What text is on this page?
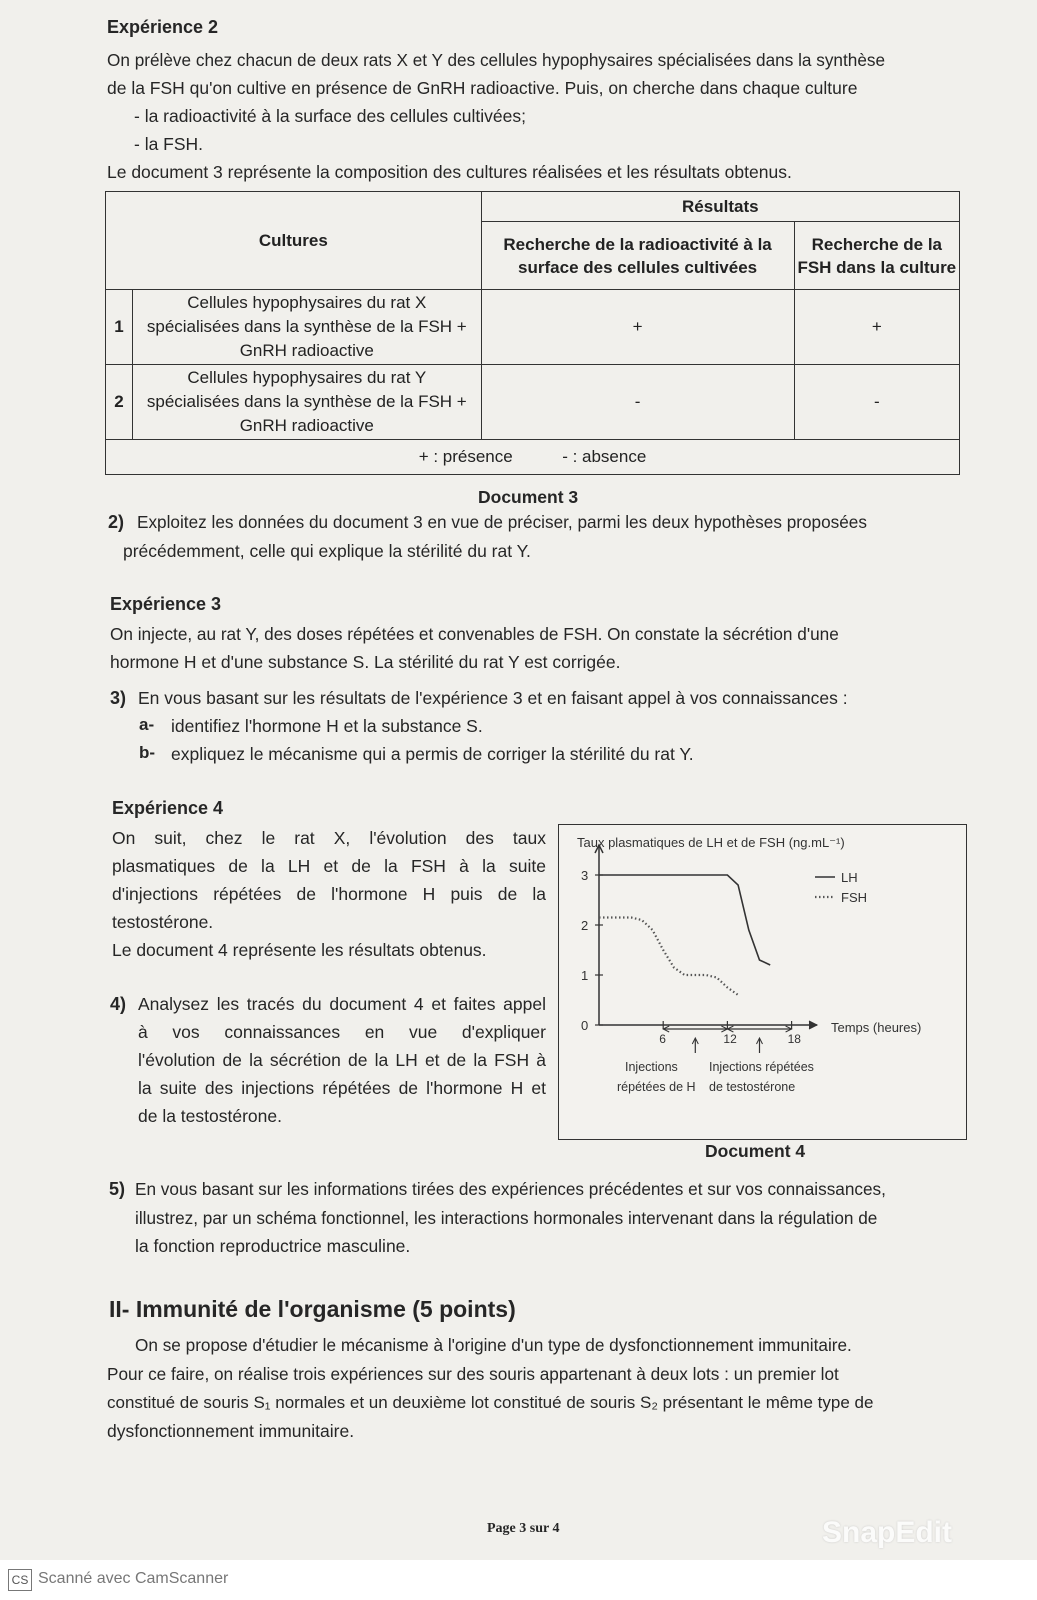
Expérience 2
On prélève chez chacun de deux rats X et Y des cellules hypophysaires spécialisées dans la synthèse
de la FSH qu'on cultive en présence de GnRH radioactive. Puis, on cherche dans chaque culture
- la radioactivité à la surface des cellules cultivées;
- la FSH.
Le document 3 représente la composition des cultures réalisées et les résultats obtenus.
Cultures		Résultats	
		Recherche de la radioactivité à la surface des cellules cultivées	Recherche de la FSH dans la culture
1	Cellules hypophysaires du rat X spécialisées dans la synthèse de la FSH + GnRH radioactive	+	+
2	Cellules hypophysaires du rat Y spécialisées dans la synthèse de la FSH + GnRH radioactive	-	-
+ : présence - : absence			
Document 3
2) Exploitez les données du document 3 en vue de préciser, parmi les deux hypothèses proposées
précédemment, celle qui explique la stérilité du rat Y.
Expérience 3
On injecte, au rat Y, des doses répétées et convenables de FSH. On constate la sécrétion d'une
hormone H et d'une substance S. La stérilité du rat Y est corrigée.
3) En vous basant sur les résultats de l'expérience 3 et en faisant appel à vos connaissances :
a- identifiez l'hormone H et la substance S.
b- expliquez le mécanisme qui a permis de corriger la stérilité du rat Y.
Expérience 4
On suit, chez le rat X, l'évolution des taux
plasmatiques de la LH et de la FSH à la suite
d'injections répétées de l'hormone H puis de la
testostérone.
Le document 4 représente les résultats obtenus.
4) Analysez les tracés du document 4 et faites appel
à vos connaissances en vue d'expliquer
l'évolution de la sécrétion de la LH et de la FSH à
la suite des injections répétées de l'hormone H et
de la testostérone.
Taux plasmatiques de LH et de FSH (ng.mL⁻¹)
Temps (heures)
0
1
2
3
6	12	18
LH
FSH
Injections répétées de H
Injections répétées de testostérone
Document 4
5) En vous basant sur les informations tirées des expériences précédentes et sur vos connaissances,
illustrez, par un schéma fonctionnel, les interactions hormonales intervenant dans la régulation de
la fonction reproductrice masculine.
II- Immunité de l'organisme (5 points)
On se propose d'étudier le mécanisme à l'origine d'un type de dysfonctionnement immunitaire.
Pour ce faire, on réalise trois expériences sur des souris appartenant à deux lots : un premier lot
constitué de souris S₁ normales et un deuxième lot constitué de souris S₂ présentant le même type de
dysfonctionnement immunitaire.
Page 3 sur 4	SnapEdit
CS Scanné avec CamScanner
